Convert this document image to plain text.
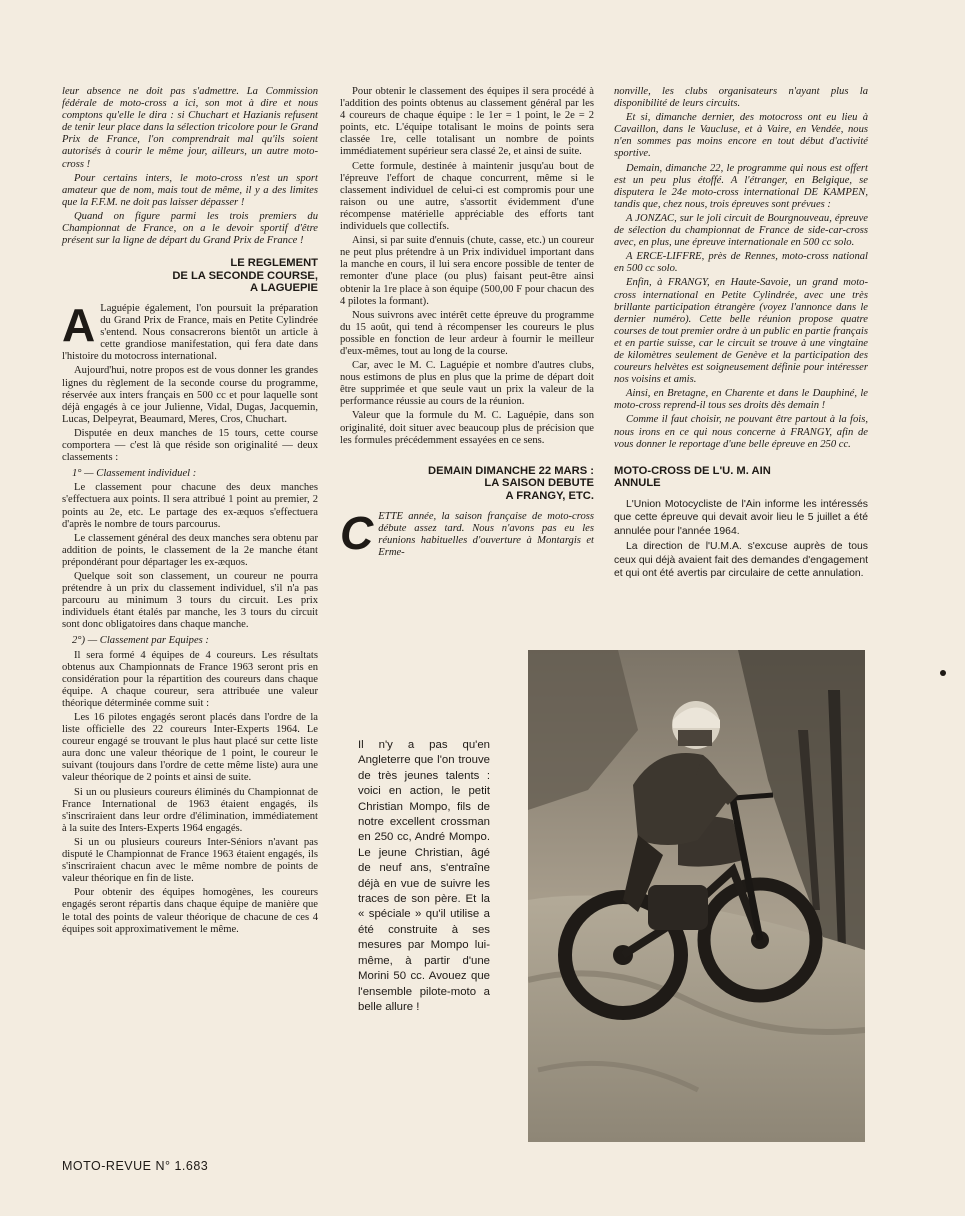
leur absence ne doit pas s'admettre. La Commission fédérale de moto-cross a ici, son mot à dire et nous comptons qu'elle le dira : si Chuchart et Hazianis refusent de tenir leur place dans la sélection tricolore pour le Grand Prix de France, l'on comprendrait mal qu'ils soient autorisés à courir le même jour, ailleurs, un autre moto-cross !

Pour certains inters, le moto-cross n'est un sport amateur que de nom, mais tout de même, il y a des limites que la F.F.M. ne doit pas laisser dépasser !

Quand on figure parmi les trois premiers du Championnat de France, on a le devoir sportif d'être présent sur la ligne de départ du Grand Prix de France !

LE REGLEMENT
DE LA SECONDE COURSE,
A LAGUEPIE

A Laguépie également, l'on poursuit la préparation du Grand Prix de France, mais en Petite Cylindrée s'entend. Nous consacrerons bientôt un article à cette grandiose manifestation, qui fera date dans l'histoire du motocross international.

Aujourd'hui, notre propos est de vous donner les grandes lignes du règlement de la seconde course du programme, réservée aux inters français en 500 cc et pour laquelle sont déjà engagés à ce jour Julienne, Vidal, Dugas, Jacquemin, Lucas, Delpeyrat, Beaumard, Meres, Cros, Chuchart.

Disputée en deux manches de 15 tours, cette course comportera — c'est là que réside son originalité — deux classements :

1° — Classement individuel :

Le classement pour chacune des deux manches s'effectuera aux points. Il sera attribué 1 point au premier, 2 points au 2e, etc. Le partage des ex-æquos s'effectuera d'après le nombre de tours parcourus.

Le classement général des deux manches sera obtenu par addition de points, le classement de la 2e manche étant prépondérant pour départager les ex-æquos.

Quelque soit son classement, un coureur ne pourra prétendre à un prix du classement individuel, s'il n'a pas parcouru au minimum 3 tours du circuit. Les prix individuels étant étalés par manche, les 3 tours du circuit sont donc obligatoires dans chaque manche.

2°) — Classement par Equipes :

Il sera formé 4 équipes de 4 coureurs. Les résultats obtenus aux Championnats de France 1963 seront pris en considération pour la répartition des coureurs dans chaque équipe. A chaque coureur, sera attribuée une valeur théorique déterminée comme suit :

Les 16 pilotes engagés seront placés dans l'ordre de la liste officielle des 22 coureurs Inter-Experts 1964. Le coureur engagé se trouvant le plus haut placé sur cette liste aura donc une valeur théorique de 1 point, le coureur le suivant (toujours dans l'ordre de cette même liste) aura une valeur théorique de 2 points et ainsi de suite.

Si un ou plusieurs coureurs éliminés du Championnat de France International de 1963 étaient engagés, ils s'inscriraient dans leur ordre d'élimination, immédiatement à la suite des Inters-Experts 1964 engagés.

Si un ou plusieurs coureurs Inter-Séniors n'avant pas disputé le Championnat de France 1963 étaient engagés, ils s'inscriraient chacun avec le même nombre de points de valeur théorique en fin de liste.

Pour obtenir des équipes homogènes, les coureurs engagés seront répartis dans chaque équipe de manière que le total des points de valeur théorique de chacune de ces 4 équipes soit approximativement le même.

Pour obtenir le classement des équipes il sera procédé à l'addition des points obtenus au classement général par les 4 coureurs de chaque équipe : le 1er = 1 point, le 2e = 2 points, etc. L'équipe totalisant le moins de points sera classée 1re, celle totalisant un nombre de points immédiatement supérieur sera classé 2e, et ainsi de suite.

Cette formule, destinée à maintenir jusqu'au bout de l'épreuve l'effort de chaque concurrent, même si le classement individuel de celui-ci est compromis pour une raison ou une autre, s'assortit évidemment d'une récompense matérielle appréciable des efforts tant individuels que collectifs.

Ainsi, si par suite d'ennuis (chute, casse, etc.) un coureur ne peut plus prétendre à un Prix individuel important dans la manche en cours, il lui sera encore possible de tenter de remonter d'une place (ou plus) faisant peut-être ainsi obtenir la 1re place à son équipe (500,00 F pour chacun des 4 pilotes la formant).

Nous suivrons avec intérêt cette épreuve du programme du 15 août, qui tend à récompenser les coureurs le plus possible en fonction de leur ardeur à fournir le meilleur d'eux-mêmes, tout au long de la course.

Car, avec le M. C. Laguépie et nombre d'autres clubs, nous estimons de plus en plus que la prime de départ doit être supprimée et que seule vaut un prix la valeur de la performance réussie au cours de la réunion.

Valeur que la formule du M. C. Laguépie, dans son originalité, doit situer avec beaucoup plus de précision que les formules précédemment essayées en ce sens.

DEMAIN DIMANCHE 22 MARS :
LA SAISON DEBUTE
A FRANGY, ETC.

CETTE année, la saison française de moto-cross débute assez tard. Nous n'avons pas eu les réunions habituelles d'ouverture à Montargis et Erme-

nonville, les clubs organisateurs n'ayant plus la disponibilité de leurs circuits.

Et si, dimanche dernier, des motocross ont eu lieu à Cavaillon, dans le Vaucluse, et à Vaire, en Vendée, nous n'en sommes pas moins encore en tout début d'activité sportive.

Demain, dimanche 22, le programme qui nous est offert est un peu plus étoffé. A l'étranger, en Belgique, se disputera le 24e moto-cross international DE KAMPEN, tandis que, chez nous, trois épreuves sont prévues :

A JONZAC, sur le joli circuit de Bourgnouveau, épreuve de sélection du championnat de France de side-car-cross avec, en plus, une épreuve internationale en 500 cc solo.

A ERCE-LIFFRE, près de Rennes, moto-cross national en 500 cc solo.

Enfin, à FRANGY, en Haute-Savoie, un grand moto-cross international en Petite Cylindrée, avec une très brillante participation étrangère (voyez l'annonce dans le dernier numéro). Cette belle réunion propose quatre courses de tout premier ordre à un public en partie français et en partie suisse, car le circuit se trouve à une vingtaine de kilomètres seulement de Genève et la participation des coureurs helvètes est soigneusement définie pour intéresser nos voisins et amis.

Ainsi, en Bretagne, en Charente et dans le Dauphiné, le moto-cross reprend-il tous ses droits dès demain !

Comme il faut choisir, ne pouvant être partout à la fois, nous irons en ce qui nous concerne à FRANGY, afin de vous donner le reportage d'une belle épreuve en 250 cc.

MOTO-CROSS DE L'U. M. AIN
ANNULE

L'Union Motocycliste de l'Ain informe les intéressés que cette épreuve qui devait avoir lieu le 5 juillet a été annulée pour l'année 1964.

La direction de l'U.M.A. s'excuse auprès de tous ceux qui déjà avaient fait des demandes d'engagement et qui ont été avertis par circulaire de cette annulation.

Il n'y a pas qu'en Angleterre que l'on trouve de très jeunes talents : voici en action, le petit Christian Mompo, fils de notre excellent crossman en 250 cc, André Mompo. Le jeune Christian, âgé de neuf ans, s'entraîne déjà en vue de suivre les traces de son père. Et la « spéciale » qu'il utilise a été construite à ses mesures par Mompo lui-même, à partir d'une Morini 50 cc. Avouez que l'ensemble pilote-moto a belle allure !
MOTO-REVUE N° 1.683
